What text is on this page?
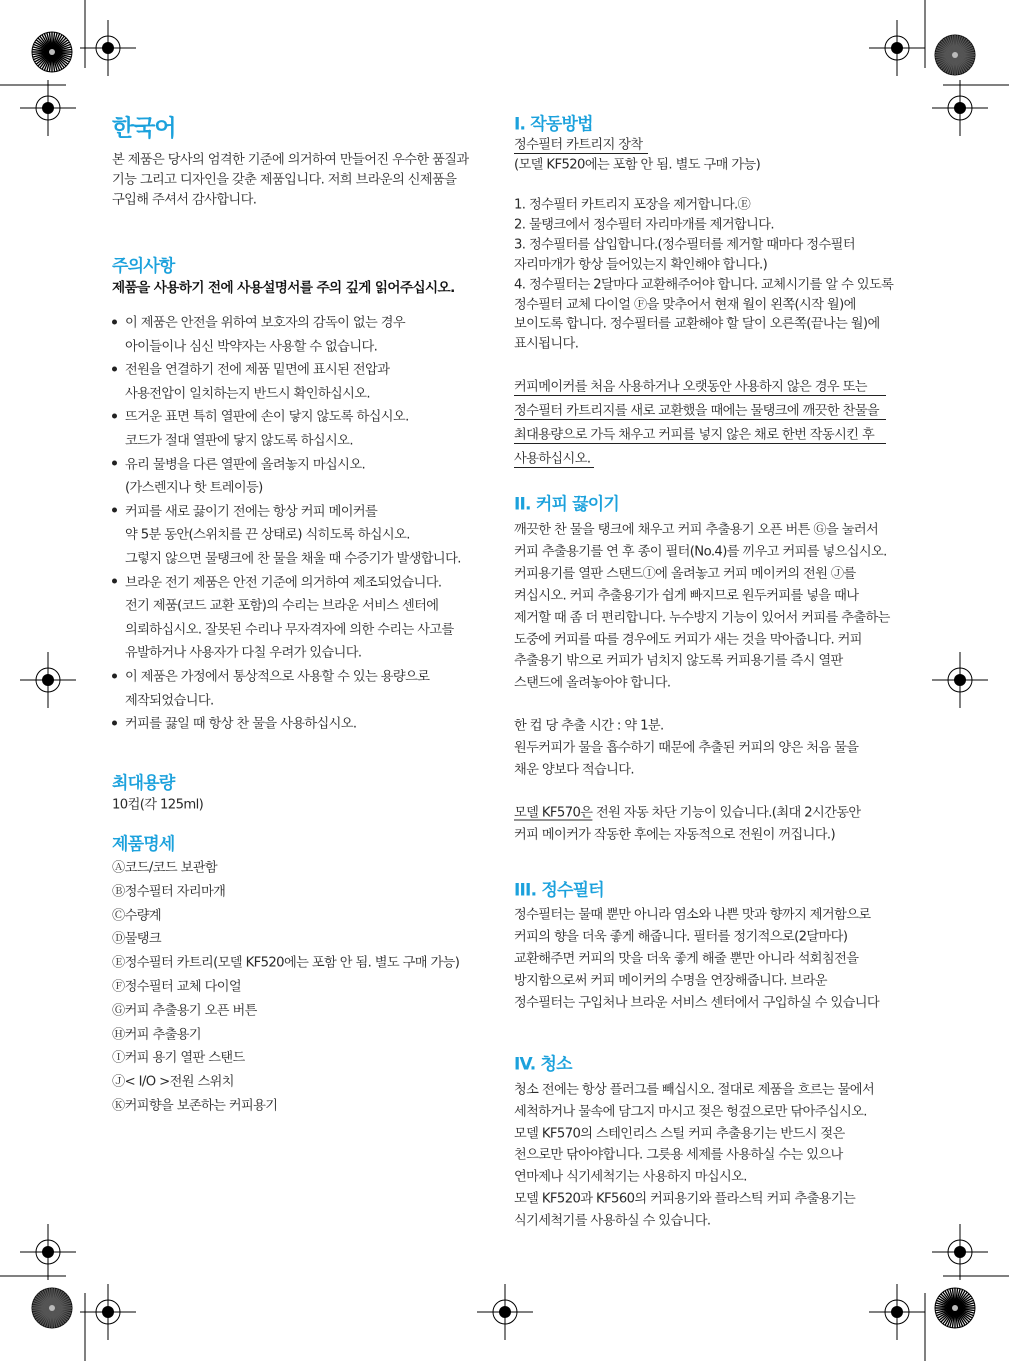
한국어
본 제품은 당사의 엄격한 기준에 의거하여 만들어진 우수한 품질과
기능 그리고 디자인을 갖춘 제품입니다. 저희 브라운의 신제품을
구입해 주셔서 감사합니다.
주의사항
제품을 사용하기 전에 사용설명서를 주의 깊게 읽어주십시오.
이 제품은 안전을 위하여 보호자의 감독이 없는 경우
아이들이나 심신 박약자는 사용할 수 없습니다.
전원을 연결하기 전에 제품 밑면에 표시된 전압과
사용전압이 일치하는지 반드시 확인하십시오.
뜨거운 표면 특히 열판에 손이 닿지 않도록 하십시오.
코드가 절대 열판에 닿지 않도록 하십시오.
유리 물병을 다른 열판에 올려놓지 마십시오.
(가스렌지나 핫 트레이등)
커피를 새로 끓이기 전에는 항상 커피 메이커를
약 5분 동안(스위치를 끈 상태로) 식히도록 하십시오.
그렇지 않으면 물탱크에 찬 물을 채울 때 수증기가 발생합니다.
브라운 전기 제품은 안전 기준에 의거하여 제조되었습니다.
전기 제품(코드 교환 포함)의 수리는 브라운 서비스 센터에
의뢰하십시오. 잘못된 수리나 무자격자에 의한 수리는 사고를
유발하거나 사용자가 다칠 우려가 있습니다.
이 제품은 가정에서 통상적으로 사용할 수 있는 용량으로
제작되었습니다.
커피를 끓일 때 항상 찬 물을 사용하십시오.
최대용량
10컵(각 125ml)
제품명세
Ⓐ코드/코드 보관함
Ⓑ정수필터 자리마개
Ⓒ수량계
Ⓓ물탱크
Ⓔ정수필터 카트리(모델 KF520에는 포함 안 됨. 별도 구매 가능)
Ⓕ정수필터 교체 다이얼
Ⓖ커피 추출용기 오픈 버튼
Ⓗ커피 추출용기
Ⓘ커피 용기 열판 스탠드
Ⓙ< I/O >전원 스위치
Ⓚ커피향을 보존하는 커피용기
I. 작동방법
정수필터 카트리지 장착
(모델 KF520에는 포함 안 됨. 별도 구매 가능)
1. 정수필터 카트리지 포장을 제거합니다.Ⓔ
2. 물탱크에서 정수필터 자리마개를 제거합니다.
3. 정수필터를 삽입합니다.(정수필터를 제거할 때마다 정수필터
자리마개가 항상 들어있는지 확인해야 합니다.)
4. 정수필터는 2달마다 교환해주어야 합니다. 교체시기를 알 수 있도록
정수필터 교체 다이얼 Ⓕ을 맞추어서 현재 월이 왼쪽(시작 월)에
보이도록 합니다. 정수필터를 교환해야 할 달이 오른쪽(끝나는 월)에
표시됩니다.
커피메이커를 처음 사용하거나 오랫동안 사용하지 않은 경우 또는
정수필터 카트리지를 새로 교환했을 때에는 물탱크에 깨끗한 찬물을
최대용량으로 가득 채우고 커피를 넣지 않은 채로 한번 작동시킨 후
사용하십시오.
II. 커피 끓이기
깨끗한 찬 물을 탱크에 채우고 커피 추출용기 오픈 버튼 Ⓖ을 눌러서
커피 추출용기를 연 후 종이 필터(No.4)를 끼우고 커피를 넣으십시오.
커피용기를 열판 스탠드Ⓘ에 올려놓고 커피 메이커의 전원 Ⓙ를
켜십시오. 커피 추출용기가 쉽게 빠지므로 원두커피를 넣을 때나
제거할 때 좀 더 편리합니다. 누수방지 기능이 있어서 커피를 추출하는
도중에 커피를 따를 경우에도 커피가 새는 것을 막아줍니다. 커피
추출용기 밖으로 커피가 넘치지 않도록 커피용기를 즉시 열판
스탠드에 올려놓아야 합니다.
한 컵 당 추출 시간 : 약 1분.
원두커피가 물을 흡수하기 때문에 추출된 커피의 양은 처음 물을
채운 양보다 적습니다.
모델 KF570은 전원 자동 차단 기능이 있습니다.(최대 2시간동안
커피 메이커가 작동한 후에는 자동적으로 전원이 꺼집니다.)
III. 정수필터
정수필터는 물때 뿐만 아니라 염소와 나쁜 맛과 향까지 제거함으로
커피의 향을 더욱 좋게 해줍니다. 필터를 정기적으로(2달마다)
교환해주면 커피의 맛을 더욱 좋게 해줄 뿐만 아니라 석회침전을
방지함으로써 커피 메이커의 수명을 연장해줍니다. 브라운
정수필터는 구입처나 브라운 서비스 센터에서 구입하실 수 있습니다
IV. 청소
청소 전에는 항상 플러그를 빼십시오. 절대로 제품을 흐르는 물에서
세척하거나 물속에 담그지 마시고 젖은 헝겊으로만 닦아주십시오.
모델 KF570의 스테인리스 스틸 커피 추출용기는 반드시 젖은
천으로만 닦아야합니다. 그릇용 세제를 사용하실 수는 있으나
연마제나 식기세척기는 사용하지 마십시오.
모델 KF520과 KF560의 커피용기와 플라스틱 커피 추출용기는
식기세척기를 사용하실 수 있습니다.
